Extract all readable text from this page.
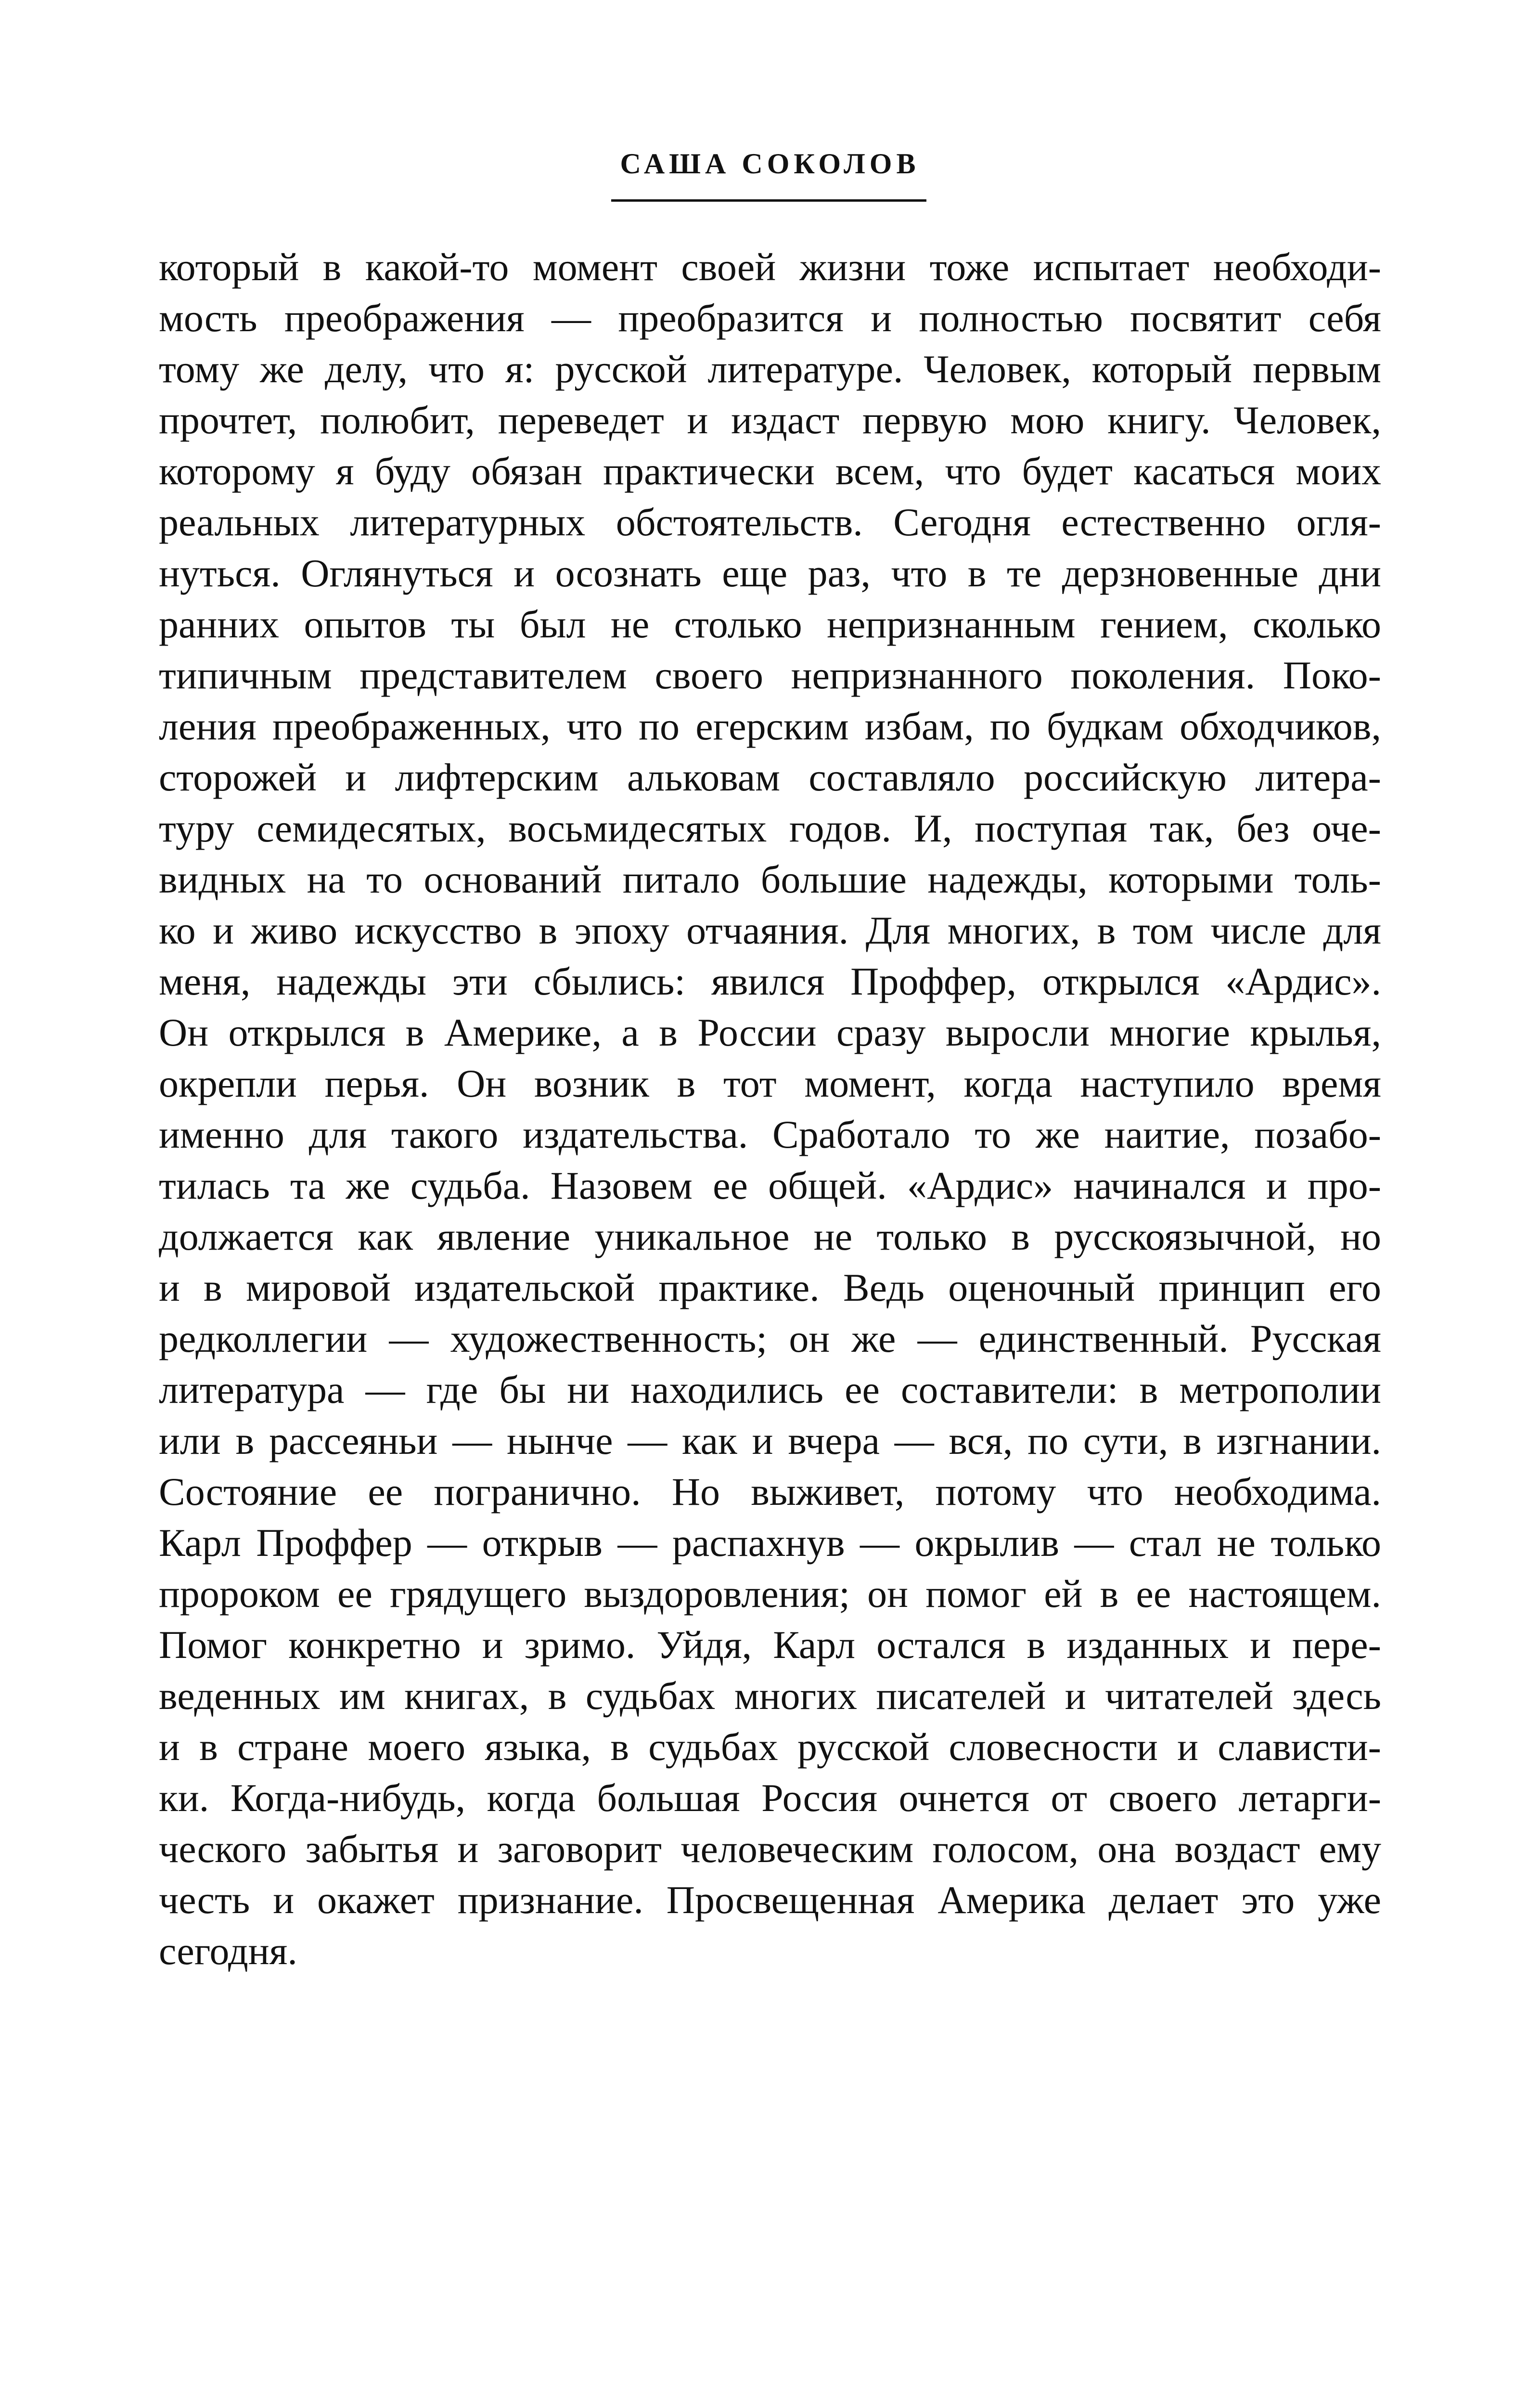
САША СОКОЛОВ
который в какой-то момент своей жизни тоже испытает необходи-
мость преображения — преобразится и полностью посвятит себя
тому же делу, что я: русской литературе. Человек, который первым
прочтет, полюбит, переведет и издаст первую мою книгу. Человек,
которому я буду обязан практически всем, что будет касаться моих
реальных литературных обстоятельств. Сегодня естественно огля-
нуться. Оглянуться и осознать еще раз, что в те дерзновенные дни
ранних опытов ты был не столько непризнанным гением, сколько
типичным представителем своего непризнанного поколения. Поко-
ления преображенных, что по егерским избам, по будкам обходчиков,
сторожей и лифтерским альковам составляло российскую литера-
туру семидесятых, восьмидесятых годов. И, поступая так, без оче-
видных на то оснований питало большие надежды, которыми толь-
ко и живо искусство в эпоху отчаяния. Для многих, в том числе для
меня, надежды эти сбылись: явился Проффер, открылся «Ардис».
Он открылся в Америке, а в России сразу выросли многие крылья,
окрепли перья. Он возник в тот момент, когда наступило время
именно для такого издательства. Сработало то же наитие, позабо-
тилась та же судьба. Назовем ее общей. «Ардис» начинался и про-
должается как явление уникальное не только в русскоязычной, но
и в мировой издательской практике. Ведь оценочный принцип его
редколлегии — художественность; он же — единственный. Русская
литература — где бы ни находились ее составители: в метрополии
или в рассеяньи — нынче — как и вчера — вся, по сути, в изгнании.
Состояние ее погранично. Но выживет, потому что необходима.
Карл Проффер — открыв — распахнув — окрылив — стал не только
пророком ее грядущего выздоровления; он помог ей в ее настоящем.
Помог конкретно и зримо. Уйдя, Карл остался в изданных и пере-
веденных им книгах, в судьбах многих писателей и читателей здесь
и в стране моего языка, в судьбах русской словесности и слависти-
ки. Когда-нибудь, когда большая Россия очнется от своего летарги-
ческого забытья и заговорит человеческим голосом, она воздаст ему
честь и окажет признание. Просвещенная Америка делает это уже
сегодня.
